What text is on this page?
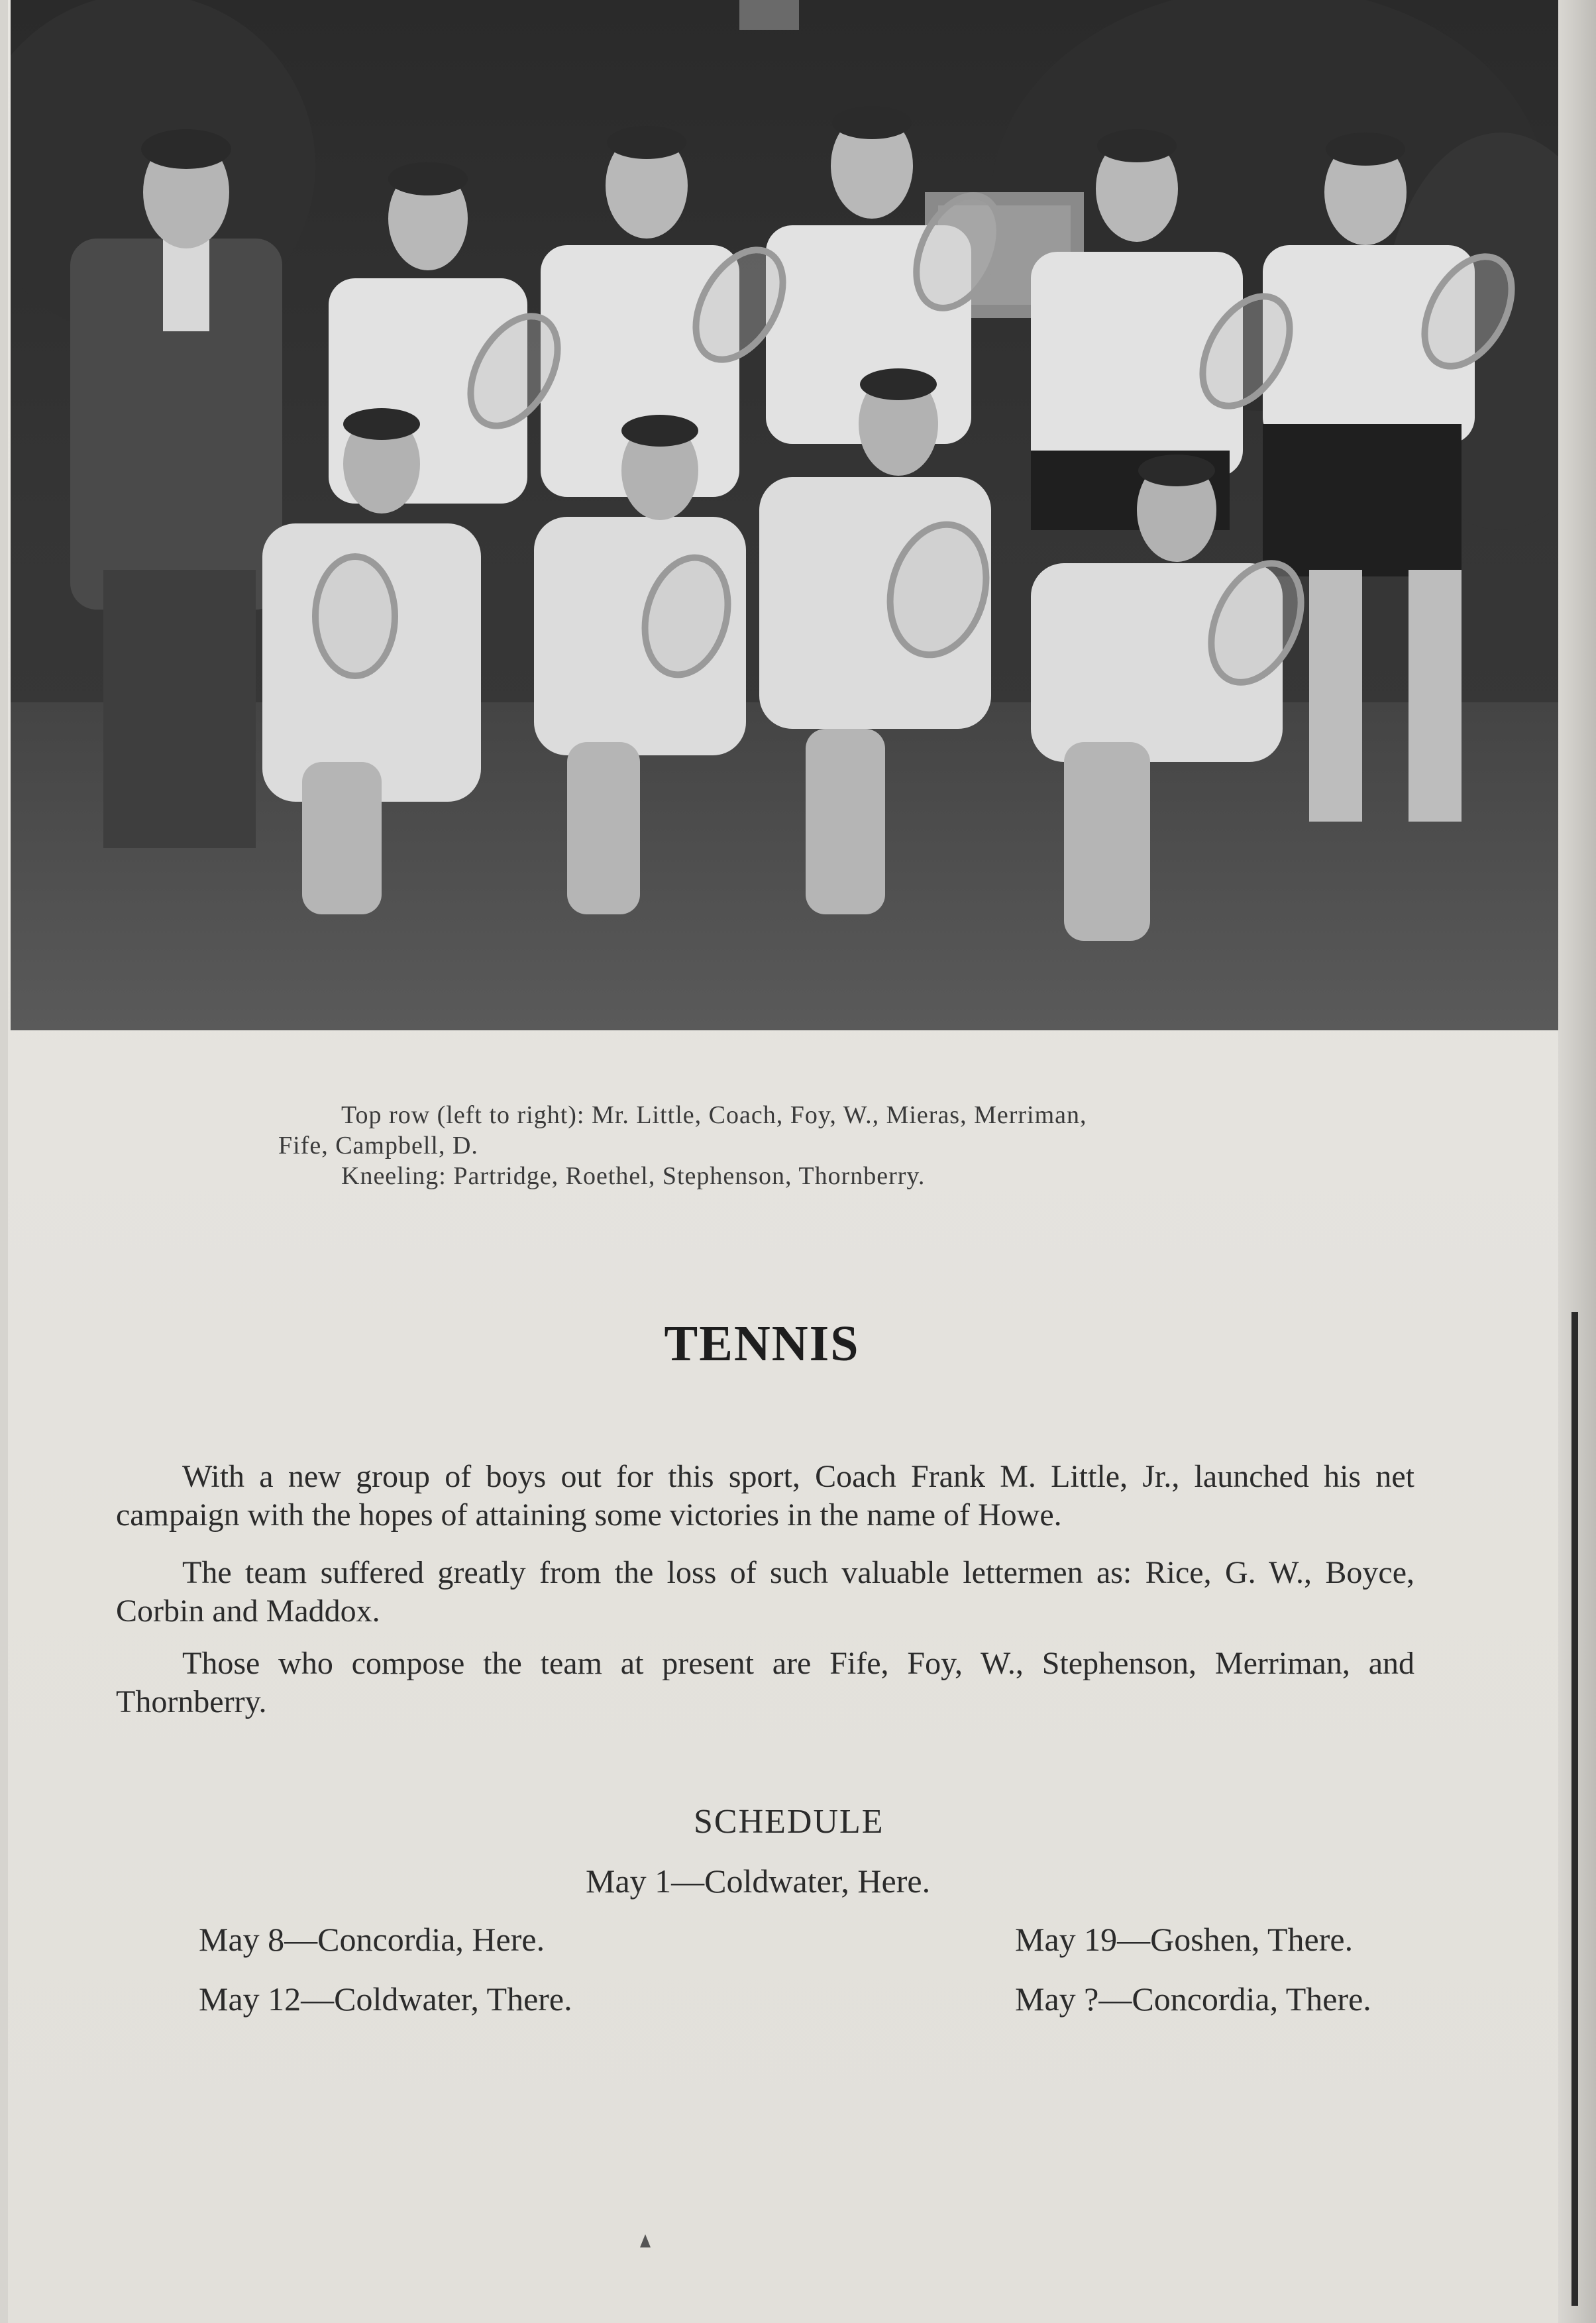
Top row (left to right): Mr. Little, Coach, Foy, W., Mieras, Merriman,
Fife, Campbell, D.
Kneeling: Partridge, Roethel, Stephenson, Thornberry.
TENNIS
With a new group of boys out for this sport, Coach Frank M. Little, Jr., launched his net campaign with the hopes of attaining some victories in the name of Howe.
The team suffered greatly from the loss of such valuable lettermen as: Rice, G. W., Boyce, Corbin and Maddox.
Those who compose the team at present are Fife, Foy, W., Stephenson, Merriman, and Thornberry.
SCHEDULE
May 1—Coldwater, Here.
May 8—Concordia, Here.
May 12—Coldwater, There.
May 19—Goshen, There.
May ?—Concordia, There.
